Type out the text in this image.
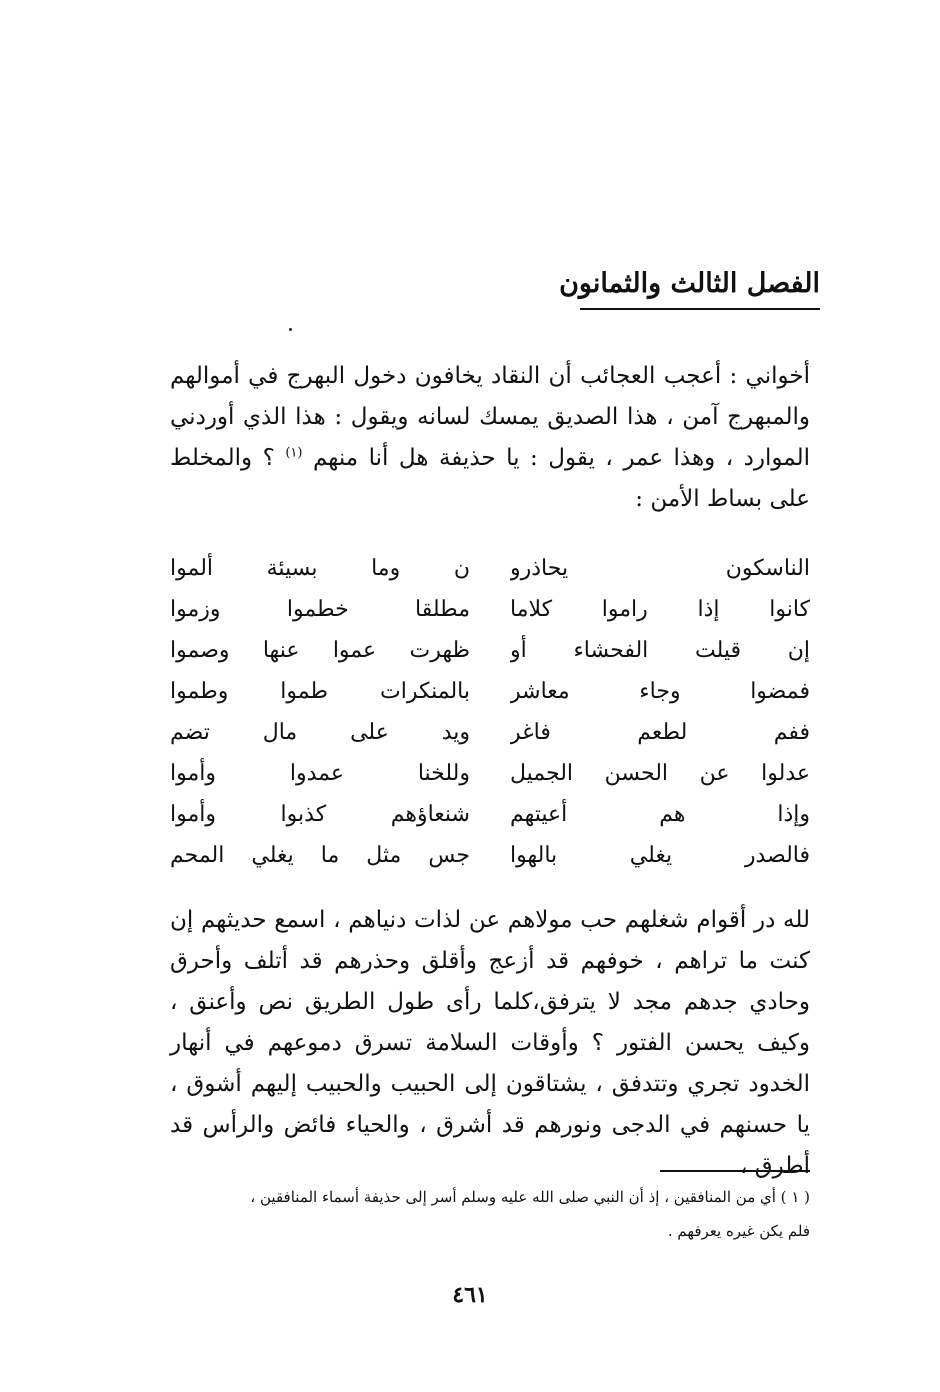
الفصل الثالث والثمانون

أخواني : أعجب العجائب أن النقاد يخافون دخول البهرج في أموالهم والمبهرج آمن ، هذا الصديق يمسك لسانه ويقول : هذا الذي أوردني الموارد ، وهذا عمر ، يقول : يا حذيفة هل أنا منهم $^{(١)}$ ؟ والمخلط على بساط الأمن :

الناسكون يحاذرو
ن وما بسيئة ألموا
كانوا إذا راموا كلاما
مطلقا خطموا وزموا
إن قيلت الفحشاء أو
ظهرت عموا عنها وصموا
فمضوا وجاء معاشر
بالمنكرات طموا وطموا
ففم لطعم فاغر
ويد على مال تضم
عدلوا عن الحسن الجميل
وللخنا عمدوا وأموا
وإذا هم أعيتهم
شنعاؤهم كذبوا وأموا
فالصدر يغلي بالهوا
جس مثل ما يغلي المحم

لله در أقوام شغلهم حب مولاهم عن لذات دنياهم ، اسمع حديثهم إن كنت ما تراهم ، خوفهم قد أزعج وأقلق وحذرهم قد أتلف وأحرق وحادي جدهم مجد لا يترفق،كلما رأى طول الطريق نص وأعنق ، وكيف يحسن الفتور ؟ وأوقات السلامة تسرق دموعهم في أنهار الخدود تجري وتتدفق ، يشتاقون إلى الحبيب والحبيب إليهم أشوق ، يا حسنهم في الدجى ونورهم قد أشرق ، والحياء فائض والرأس قد أطرق ،

( ١ ) أي من المنافقين ، إذ أن النبي صلى الله عليه وسلم أسر إلى حذيفة أسماء المنافقين ،

فلم يكن غيره يعرفهم .

٤٦١
